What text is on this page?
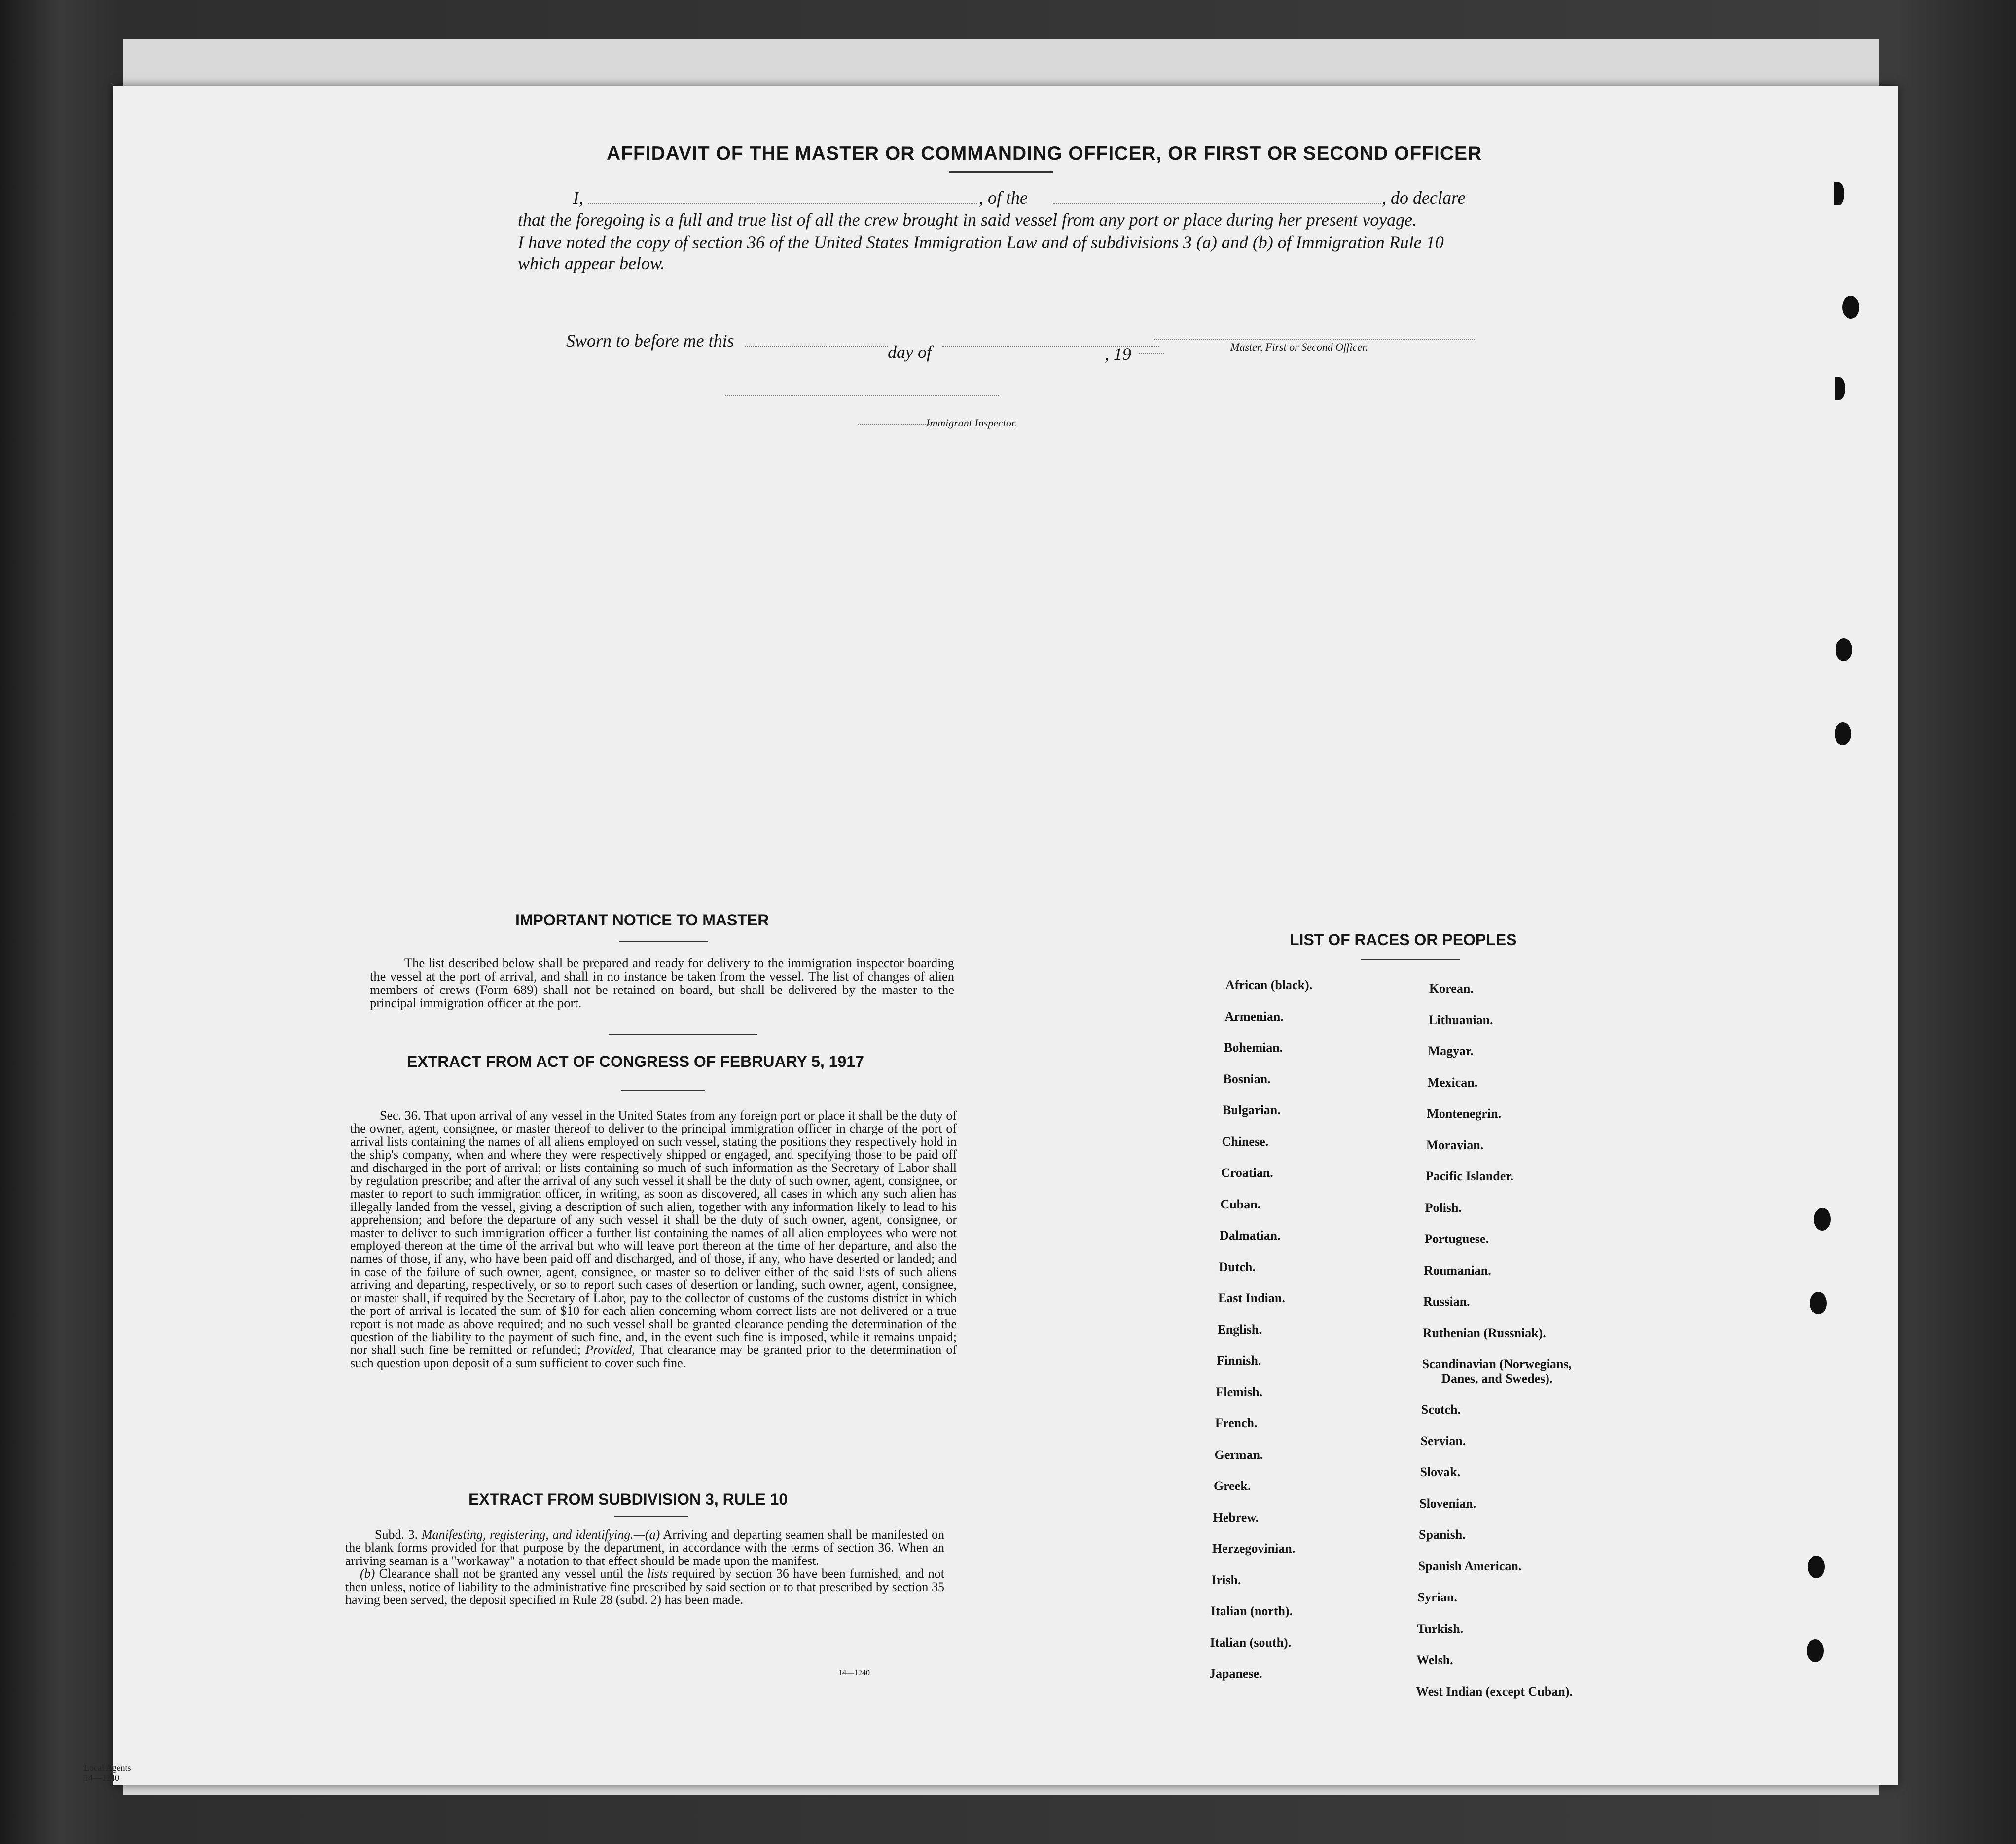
AFFIDAVIT OF THE MASTER OR COMMANDING OFFICER, OR FIRST OR SECOND OFFICER
I,	, of the	, do declare
that the foregoing is a full and true list of all the crew brought in said vessel from any port or place during her present voyage.
I have noted the copy of section 36 of the United States Immigration Law and of subdivisions 3 (a) and (b) of Immigration Rule 10
which appear below.
Sworn to before me this
day of	, 19	Master, First or Second Officer.
Immigrant Inspector.
IMPORTANT NOTICE TO MASTER
The list described below shall be prepared and ready for delivery to the immigration inspector boarding the vessel at the port of arrival, and shall in no instance be taken from the vessel. The list of changes of alien members of crews (Form 689) shall not be retained on board, but shall be delivered by the master to the principal immigration officer at the port.
EXTRACT FROM ACT OF CONGRESS OF FEBRUARY 5, 1917
Sec. 36. That upon arrival of any vessel in the United States from any foreign port or place it shall be the duty of the owner, agent, consignee, or master thereof to deliver to the principal immigration officer in charge of the port of arrival lists containing the names of all aliens employed on such vessel, stating the positions they respectively hold in the ship's company, when and where they were respectively shipped or engaged, and specifying those to be paid off and discharged in the port of arrival; or lists containing so much of such information as the Secretary of Labor shall by regulation prescribe; and after the arrival of any such vessel it shall be the duty of such owner, agent, consignee, or master to report to such immigration officer, in writing, as soon as discovered, all cases in which any such alien has illegally landed from the vessel, giving a description of such alien, together with any information likely to lead to his apprehension; and before the departure of any such vessel it shall be the duty of such owner, agent, consignee, or master to deliver to such immigration officer a further list containing the names of all alien employees who were not employed thereon at the time of the arrival but who will leave port thereon at the time of her departure, and also the names of those, if any, who have been paid off and discharged, and of those, if any, who have deserted or landed; and in case of the failure of such owner, agent, consignee, or master so to deliver either of the said lists of such aliens arriving and departing, respectively, or so to report such cases of desertion or landing, such owner, agent, consignee, or master shall, if required by the Secretary of Labor, pay to the collector of customs of the customs district in which the port of arrival is located the sum of $10 for each alien concerning whom correct lists are not delivered or a true report is not made as above required; and no such vessel shall be granted clearance pending the determination of the question of the liability to the payment of such fine, and, in the event such fine is imposed, while it remains unpaid; nor shall such fine be remitted or refunded; Provided, That clearance may be granted prior to the determination of such question upon deposit of a sum sufficient to cover such fine.
EXTRACT FROM SUBDIVISION 3, RULE 10
Subd. 3. Manifesting, registering, and identifying.—(a) Arriving and departing seamen shall be manifested on the blank forms provided for that purpose by the department, in accordance with the terms of section 36. When an arriving seaman is a "workaway" a notation to that effect should be made upon the manifest.
(b) Clearance shall not be granted any vessel until the lists required by section 36 have been furnished, and not then unless, notice of liability to the administrative fine prescribed by said section or to that prescribed by section 35 having been served, the deposit specified in Rule 28 (subd. 2) has been made.
14—1240
LIST OF RACES OR PEOPLES
African (black).
Armenian.
Bohemian.
Bosnian.
Bulgarian.
Chinese.
Croatian.
Cuban.
Dalmatian.
Dutch.
East Indian.
English.
Finnish.
Flemish.
French.
German.
Greek.
Hebrew.
Herzegovinian.
Irish.
Italian (north).
Italian (south).
Japanese.
Korean.
Lithuanian.
Magyar.
Mexican.
Montenegrin.
Moravian.
Pacific Islander.
Polish.
Portuguese.
Roumanian.
Russian.
Ruthenian (Russniak).
Scandinavian (Norwegians,
Danes, and Swedes).
Scotch.
Servian.
Slovak.
Slovenian.
Spanish.
Spanish American.
Syrian.
Turkish.
Welsh.
West Indian (except Cuban).
Local Agents
14—1240
